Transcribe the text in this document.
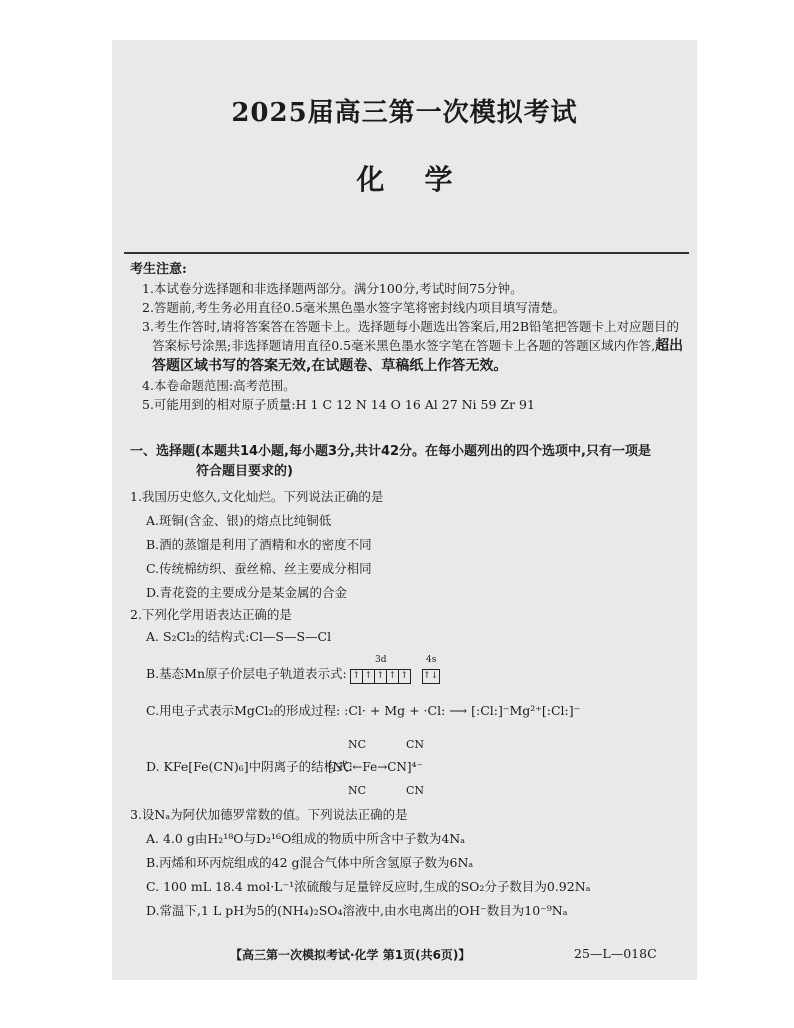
2025届高三第一次模拟考试
化学
考生注意:
1.本试卷分选择题和非选择题两部分。满分100分,考试时间75分钟。
2.答题前,考生务必用直径0.5毫米黑色墨水签字笔将密封线内项目填写清楚。
3.考生作答时,请将答案答在答题卡上。选择题每小题选出答案后,用2B铅笔把答题卡上对应题目的答案标号涂黑;非选择题请用直径0.5毫米黑色墨水签字笔在答题卡上各题的答题区域内作答,超出答题区域书写的答案无效,在试题卷、草稿纸上作答无效。
4.本卷命题范围:高考范围。
5.可能用到的相对原子质量:H 1 C 12 N 14 O 16 Al 27 Ni 59 Zr 91
一、选择题(本题共14小题,每小题3分,共计42分。在每小题列出的四个选项中,只有一项是
符合题目要求的)
1.我国历史悠久,文化灿烂。下列说法正确的是
A.斑铜(含金、银)的熔点比纯铜低
B.酒的蒸馏是利用了酒精和水的密度不同
C.传统棉纺织、蚕丝棉、丝主要成分相同
D.青花瓷的主要成分是某金属的合金
2.下列化学用语表达正确的是
A. S₂Cl₂的结构式:Cl—S—S—Cl
B.基态Mn原子价层电子轨道表示式:
3d
↑ ↑ ↑ ↑ ↑
4s
↑↓
C.用电子式表示MgCl₂的形成过程: :Cl· + Mg + ·Cl: ⟶ [:Cl:]⁻Mg²⁺[:Cl:]⁻
D. KFe[Fe(CN)₆]中阴离子的结构式:
NC	CN
[NC←Fe→CN]⁴⁻
NC	CN
3.设Nₐ为阿伏加德罗常数的值。下列说法正确的是
A. 4.0 g由H₂¹⁸O与D₂¹⁶O组成的物质中所含中子数为4Nₐ
B.丙烯和环丙烷组成的42 g混合气体中所含氢原子数为6Nₐ
C. 100 mL 18.4 mol·L⁻¹浓硫酸与足量锌反应时,生成的SO₂分子数目为0.92Nₐ
D.常温下,1 L pH为5的(NH₄)₂SO₄溶液中,由水电离出的OH⁻数目为10⁻⁹Nₐ
【高三第一次模拟考试·化学 第1页(共6页)】	25—L—018C
